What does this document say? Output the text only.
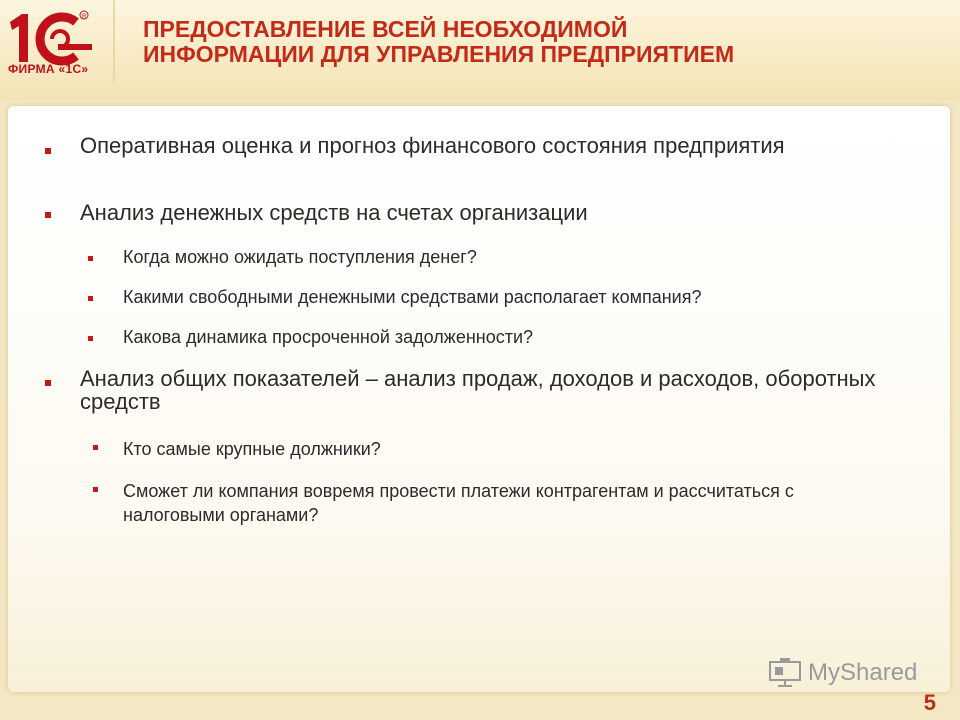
R
ФИРМА «1С»
ПРЕДОСТАВЛЕНИЕ ВСЕЙ НЕОБХОДИМОЙ
ИНФОРМАЦИИ ДЛЯ УПРАВЛЕНИЯ ПРЕДПРИЯТИЕМ

Оперативная оценка и прогноз финансового состояния предприятия

Анализ денежных средств на счетах организации

Когда можно ожидать поступления денег?

Какими свободными денежными средствами располагает компания?

Какова динамика просроченной задолженности?

Анализ общих показателей – анализ продаж, доходов и расходов, оборотных средств

Кто самые крупные должники?

Сможет ли компания вовремя провести платежи контрагентам и рассчитаться с налоговыми органами?

MyShared
5
